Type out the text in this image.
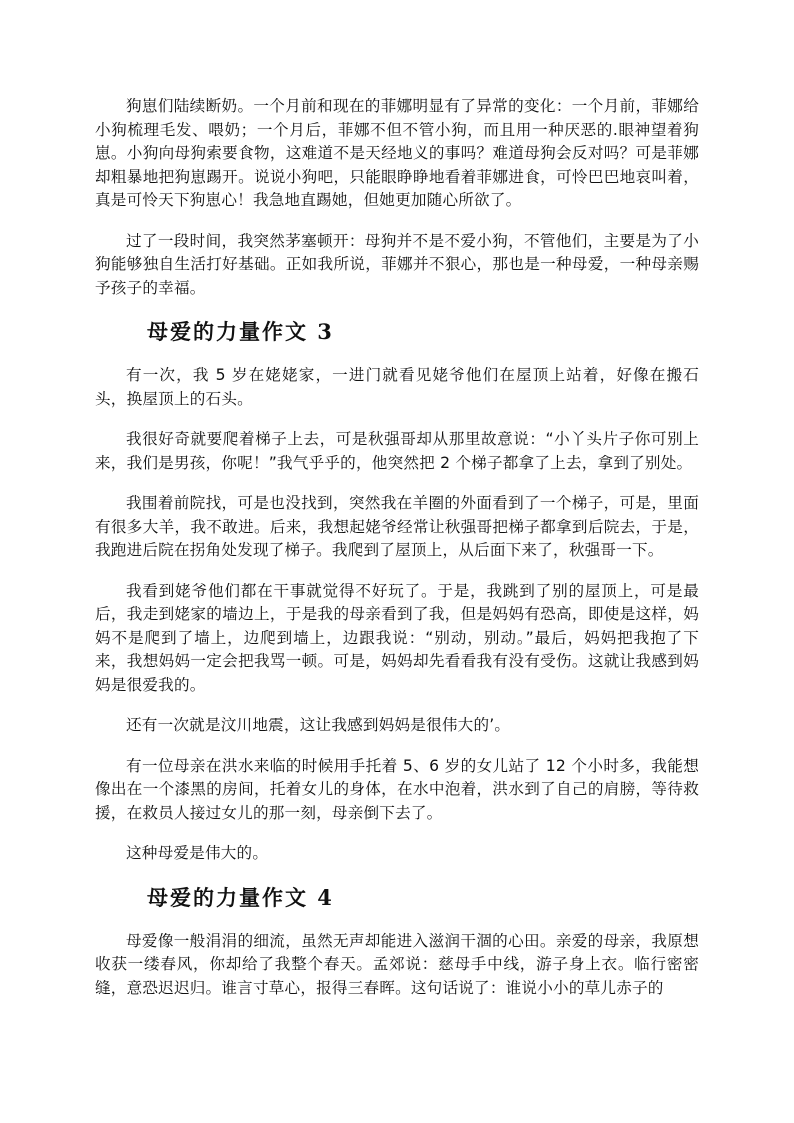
狗崽们陆续断奶。一个月前和现在的菲娜明显有了异常的变化：一个月前，菲娜给小狗梳理毛发、喂奶；一个月后，菲娜不但不管小狗，而且用一种厌恶的.眼神望着狗崽。小狗向母狗索要食物，这难道不是天经地义的事吗？难道母狗会反对吗？可是菲娜却粗暴地把狗崽踢开。说说小狗吧，只能眼睁睁地看着菲娜进食，可怜巴巴地哀叫着，真是可怜天下狗崽心！我急地直踢她，但她更加随心所欲了。

过了一段时间，我突然茅塞顿开：母狗并不是不爱小狗，不管他们，主要是为了小狗能够独自生活打好基础。正如我所说，菲娜并不狠心，那也是一种母爱，一种母亲赐予孩子的幸福。

母爱的力量作文 3

有一次，我 5 岁在姥姥家，一进门就看见姥爷他们在屋顶上站着，好像在搬石头，换屋顶上的石头。

我很好奇就要爬着梯子上去，可是秋强哥却从那里故意说：“小丫头片子你可别上来，我们是男孩，你呢！”我气乎乎的，他突然把 2 个梯子都拿了上去，拿到了别处。

我围着前院找，可是也没找到，突然我在羊圈的外面看到了一个梯子，可是，里面有很多大羊，我不敢进。后来，我想起姥爷经常让秋强哥把梯子都拿到后院去，于是，我跑进后院在拐角处发现了梯子。我爬到了屋顶上，从后面下来了，秋强哥一下。

我看到姥爷他们都在干事就觉得不好玩了。于是，我跳到了别的屋顶上，可是最后，我走到姥家的墙边上，于是我的母亲看到了我，但是妈妈有恐高，即使是这样，妈妈不是爬到了墙上，边爬到墙上，边跟我说：“别动，别动。”最后，妈妈把我抱了下来，我想妈妈一定会把我骂一顿。可是，妈妈却先看看我有没有受伤。这就让我感到妈妈是很爱我的。

还有一次就是汶川地震，这让我感到妈妈是很伟大的’。

有一位母亲在洪水来临的时候用手托着 5、6 岁的女儿站了 12 个小时多，我能想像出在一个漆黑的房间，托着女儿的身体，在水中泡着，洪水到了自己的肩膀，等待救援，在救员人接过女儿的那一刻，母亲倒下去了。

这种母爱是伟大的。

母爱的力量作文 4

母爱像一般涓涓的细流，虽然无声却能进入滋润干涸的心田。亲爱的母亲，我原想收获一缕春风，你却给了我整个春天。孟郊说：慈母手中线，游子身上衣。临行密密缝，意恐迟迟归。谁言寸草心，报得三春晖。这句话说了：谁说小小的草儿赤子的
